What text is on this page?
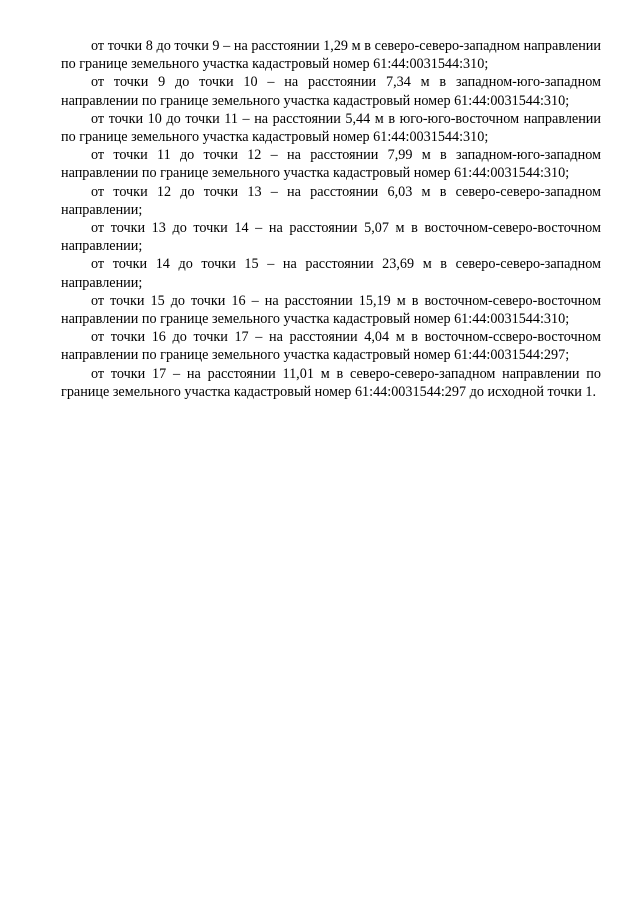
от точки 8 до точки 9 – на расстоянии 1,29 м в северо-северо-западном направлении по границе земельного участка кадастровый номер 61:44:0031544:310;

от точки 9 до точки 10 – на расстоянии 7,34 м в западном-юго-западном направлении по границе земельного участка кадастровый номер 61:44:0031544:310;

от точки 10 до точки 11 – на расстоянии 5,44 м в юго-юго-восточном направлении по границе земельного участка кадастровый номер 61:44:0031544:310;

от точки 11 до точки 12 – на расстоянии 7,99 м в западном-юго-западном направлении по границе земельного участка кадастровый номер 61:44:0031544:310;

от точки 12 до точки 13 – на расстоянии 6,03 м в северо-северо-западном направлении;

от точки 13 до точки 14 – на расстоянии 5,07 м в восточном-северо-восточном направлении;

от точки 14 до точки 15 – на расстоянии 23,69 м в северо-северо-западном направлении;

от точки 15 до точки 16 – на расстоянии 15,19 м в восточном-северо-восточном направлении по границе земельного участка кадастровый номер 61:44:0031544:310;

от точки 16 до точки 17 – на расстоянии 4,04 м в восточном-ссверо-восточном направлении по границе земельного участка кадастровый номер 61:44:0031544:297;

от точки 17 – на расстоянии 11,01 м в северо-северо-западном направлении по границе земельного участка кадастровый номер 61:44:0031544:297 до исходной точки 1.
